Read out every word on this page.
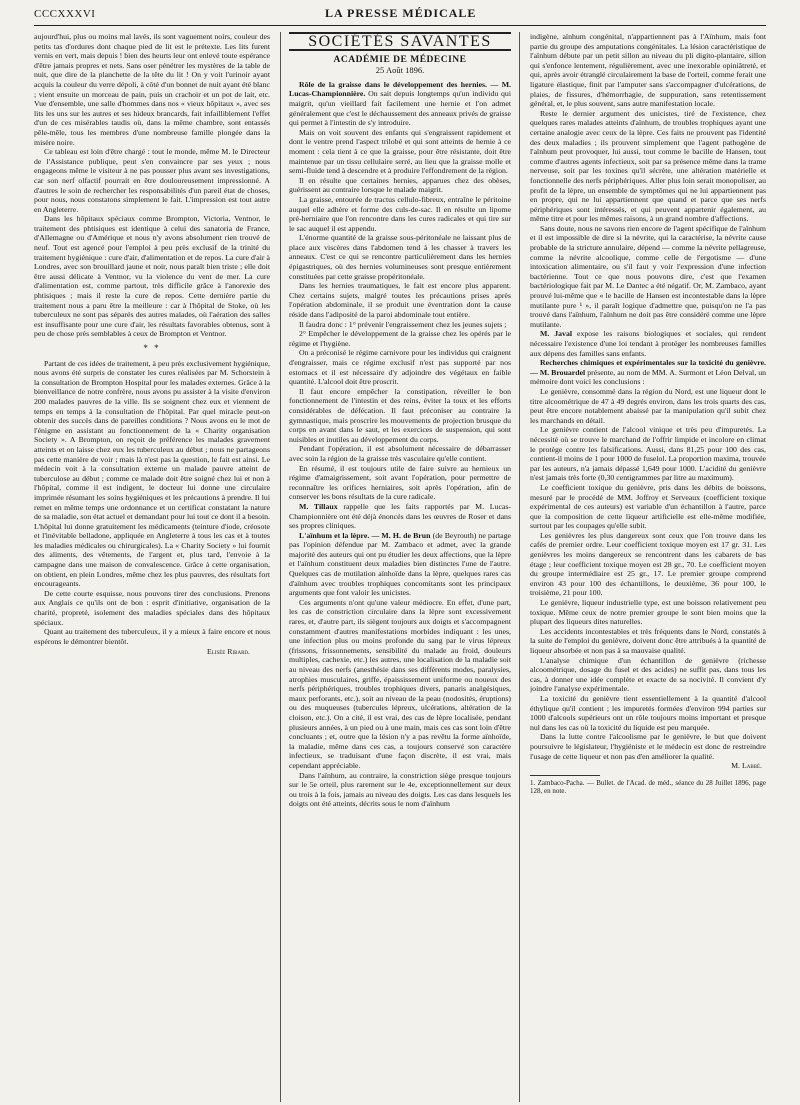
CCCXXXVI	LA PRESSE MÉDICALE

aujourd'hui, plus ou moins mal lavés, ils sont vaguement noirs, couleur des petits tas d'ordures dont chaque pied de lit est le prétexte. Les lits furent vernis en vert, mais depuis ! bien des heurts leur ont enlevé toute espérance d'être jamais propres et nets. Sans oser pénétrer les mystères de la table de nuit, que dire de la planchette de la tête du lit ! On y voit l'urinoir ayant acquis la couleur du verre dépoli, à côté d'un bonnet de nuit ayant été blanc ; vient ensuite un morceau de pain, puis un crachoir et un pot de lait, etc. Vue d'ensemble, une salle d'hommes dans nos « vieux hôpitaux », avec ses lits les uns sur les autres et ses hideux brancards, fait infailliblement l'effet d'un de ces misérables taudis où, dans la même chambre, sont entassés pêle-mêle, tous les membres d'une nombreuse famille plongée dans la misère noire.

Ce tableau est loin d'être chargé : tout le monde, même M. le Directeur de l'Assistance publique, peut s'en convaincre par ses yeux ; nous engageons même le visiteur à ne pas pousser plus avant ses investigations, car son nerf olfactif pourrait en être douloureusement impressionné. A d'autres le soin de rechercher les responsabilités d'un pareil état de choses, pour nous, nous constatons simplement le fait. L'impression est tout autre en Angleterre.

Dans les hôpitaux spéciaux comme Brompton, Victoria, Ventnor, le traitement des phtisiques est identique à celui des sanatoria de France, d'Allemagne ou d'Amérique et nous n'y avons absolument rien trouvé de neuf. Tout est agencé pour l'emploi à peu près exclusif de la trinité du traitement hygiénique : cure d'air, d'alimentation et de repos. La cure d'air à Londres, avec son brouillard jaune et noir, nous paraît bien triste ; elle doit être aussi délicate à Ventnor, vu la violence du vent de mer. La cure d'alimentation est, comme partout, très difficile grâce à l'anorexie des phtisiques ; mais il reste la cure de repos. Cette dernière partie du traitement nous a paru être la meilleure : car à l'hôpital de Stoke, où les tuberculeux ne sont pas séparés des autres malades, où l'aération des salles est insuffisante pour une cure d'air, les résultats favorables obtenus, sont à peu de chose près semblables à ceux de Brompton et Ventnor.

* *

Partant de ces idées de traitement, à peu près exclusivement hygiénique, nous avons été surpris de constater les cures réalisées par M. Schorstein à la consultation de Brompton Hospital pour les malades externes. Grâce à la bienveillance de notre confrère, nous avons pu assister à la visite d'environ 200 malades pauvres de la ville. Ils se soignent chez eux et viennent de temps en temps à la consultation de l'hôpital. Par quel miracle peut-on obtenir des succès dans de pareilles conditions ? Nous avons eu le mot de l'énigme en assistant au fonctionnement de la « Charity organisation Society ». A Brompton, on reçoit de préférence les malades gravement atteints et on laisse chez eux les tuberculeux au début ; nous ne partageons pas cette manière de voir ; mais là n'est pas la question, le fait est ainsi. Le médecin voit à la consultation externe un malade pauvre atteint de tuberculose au début ; comme ce malade doit être soigné chez lui et non à l'hôpital, comme il est indigent, le docteur lui donne une circulaire imprimée résumant les soins hygiéniques et les précautions à prendre. Il lui remet en même temps une ordonnance et un certificat constatant la nature de sa maladie, son état actuel et demandant pour lui tout ce dont il a besoin. L'hôpital lui donne gratuitement les médicaments (teinture d'iode, créosote et l'inévitable belladone, appliquée en Angleterre à tous les cas et à toutes les maladies médicales ou chirurgicales). La « Charity Society » lui fournit des aliments, des vêtements, de l'argent et, plus tard, l'envoie à la campagne dans une maison de convalescence. Grâce à cette organisation, on obtient, en plein Londres, même chez les plus pauvres, des résultats fort encourageants.

De cette courte esquisse, nous pouvons tirer des conclusions. Prenons aux Anglais ce qu'ils ont de bon : esprit d'initiative, organisation de la charité, propreté, isolement des maladies spéciales dans des hôpitaux spéciaux.

Quant au traitement des tuberculeux, il y a mieux à faire encore et nous espérons le démontrer bientôt.

Elisée Ribard.
SOCIÉTÉS SAVANTES
ACADÉMIE DE MÉDECINE
25 Août 1896.

Rôle de la graisse dans le développement des hernies. — M. Lucas-Championnière. On sait depuis longtemps qu'un individu qui maigrit, qu'un vieillard fait facilement une hernie et l'on admet généralement que c'est le déchaussement des anneaux privés de graisse qui permet à l'intestin de s'y introduire.

Mais on voit souvent des enfants qui s'engraissent rapidement et dont le ventre prend l'aspect trilobé et qui sont atteints de hernie à ce moment : cela tient à ce que la graisse, pour être résistante, doit être maintenue par un tissu cellulaire serré, au lieu que la graisse molle et semi-fluide tend à descendre et à produire l'effondrement de la région.

Il en résulte que certaines hernies, apparues chez des obèses, guérissent au contraire lorsque le malade maigrit.

La graisse, entourée de tractus cellulo-fibreux, entraîne le péritoine auquel elle adhère et forme des culs-de-sac. Il en résulte un lipome pré-herniaire que l'on rencontre dans les cures radicales et qui tire sur le sac auquel il est appendu.

L'énorme quantité de la graisse sous-péritonéale ne laissant plus de place aux viscères dans l'abdomen tend à les chasser à travers les anneaux. C'est ce qui se rencontre particulièrement dans les hernies épigastriques, où des hernies volumineuses sont presque entièrement constituées par cette graisse propéritonéale.

Dans les hernies traumatiques, le fait est encore plus apparent. Chez certains sujets, malgré toutes les précautions prises après l'opération abdominale, il se produit une éventration dont la cause réside dans l'adiposité de la paroi abdominale tout entière.

Il faudra donc : 1° prévenir l'engraissement chez les jeunes sujets ;

2° Empêcher le développement de la graisse chez les opérés par le régime et l'hygiène.

On a préconisé le régime carnivore pour les individus qui craignent d'engraisser, mais ce régime exclusif n'est pas supporté par nos estomacs et il est nécessaire d'y adjoindre des végétaux en faible quantité. L'alcool doit être proscrit.

Il faut encore empêcher la constipation, réveiller le bon fonctionnement de l'intestin et des reins, éviter la toux et les efforts considérables de défécation. Il faut préconiser au contraire la gymnastique, mais proscrire les mouvements de projection brusque du corps en avant dans le saut, et les exercices de suspension, qui sont nuisibles et inutiles au développement du corps.

Pendant l'opération, il est absolument nécessaire de débarrasser avec soin la région de la graisse très vasculaire qu'elle contient.

En résumé, il est toujours utile de faire suivre au hernieux un régime d'amaigrissement, soit avant l'opération, pour permettre de reconnaître les orifices herniaires, soit après l'opération, afin de conserver les bons résultats de la cure radicale.

M. Tillaux rappelle que les faits rapportés par M. Lucas-Championnière ont été déjà énoncés dans les œuvres de Roser et dans ses propres cliniques.

L'aïnhum et la lèpre. — M. H. de Brun (de Beyrouth) ne partage pas l'opinion défendue par M. Zambaco et admet, avec la grande majorité des auteurs qui ont pu étudier les deux affections, que la lèpre et l'aïnhum constituent deux maladies bien distinctes l'une de l'autre. Quelques cas de mutilation aïnhoïde dans la lèpre, quelques rares cas d'aïnhum avec troubles trophiques concomitants sont les principaux arguments que font valoir les unicistes.

Ces arguments n'ont qu'une valeur médiocre. En effet, d'une part, les cas de constriction circulaire dans la lèpre sont excessivement rares, et, d'autre part, ils siègent toujours aux doigts et s'accompagnent constamment d'autres manifestations morbides indiquant : les unes, une infection plus ou moins profonde du sang par le virus lépreux (frissons, frissonnements, sensibilité du malade au froid, douleurs multiples, cachexie, etc.) les autres, une localisation de la maladie soit au niveau des nerfs (anesthésie dans ses différents modes, paralysies, atrophies musculaires, griffe, épaississement uniforme ou noueux des nerfs périphériques, troubles trophiques divers, panaris analgésiques, maux perforants, etc.), soit au niveau de la peau (nodosités, éruptions) ou des muqueuses (tubercules lépreux, ulcérations, altération de la cloison, etc.). On a cité, il est vrai, des cas de lèpre localisée, pendant plusieurs années, à un pied ou à une main, mais ces cas sont loin d'être concluants ; et, outre que la lésion n'y a pas revêtu la forme aïnhoïde, la maladie, même dans ces cas, a toujours conservé son caractère infectieux, se traduisant d'une façon discrète, il est vrai, mais cependant appréciable.

Dans l'aïnhum, au contraire, la constriction siège presque toujours sur le 5e orteil, plus rarement sur le 4e, exceptionnellement sur deux ou trois à la fois, jamais au niveau des doigts. Les cas dans lesquels les doigts ont été atteints, décrits sous le nom d'aïnhum

indigène, aïnhum congénital, n'appartiennent pas à l'Aïnhum, mais font partie du groupe des amputations congénitales. La lésion caractéristique de l'aïnhum débute par un petit sillon au niveau du pli digito-plantaire, sillon qui s'enfonce lentement, régulièrement, avec une inexorable opiniâtreté, et qui, après avoir étranglé circulairement la base de l'orteil, comme ferait une ligature élastique, finit par l'amputer sans s'accompagner d'ulcérations, de plaies, de fissures, d'hémorrhagie, de suppuration, sans retentissement général, et, le plus souvent, sans autre manifestation locale.

Reste le dernier argument des unicistes, tiré de l'existence, chez quelques rares malades atteints d'aïnhum, de troubles trophiques ayant une certaine analogie avec ceux de la lèpre. Ces faits ne prouvent pas l'identité des deux maladies ; ils prouvent simplement que l'agent pathogène de l'aïnhum peut provoquer, lui aussi, tout comme le bacille de Hansen, tout comme d'autres agents infectieux, soit par sa présence même dans la trame nerveuse, soit par les toxines qu'il sécrète, une altération matérielle et fonctionnelle des nerfs périphériques. Aller plus loin serait monopoliser, au profit de la lèpre, un ensemble de symptômes qui ne lui appartiennent pas en propre, qui ne lui appartiennent que quand et parce que ses nerfs périphériques sont intéressés, et qui peuvent appartenir également, au même titre et pour les mêmes raisons, à un grand nombre d'affections.

Sans doute, nous ne savons rien encore de l'agent spécifique de l'aïnhum et il est impossible de dire si la névrite, qui la caractérise, la névrite cause probable de la stricture annulaire, dépend — comme la névrite pellagreuse, comme la névrite alcoolique, comme celle de l'ergotisme — d'une intoxication alimentaire, ou s'il faut y voir l'expression d'une infection bactérienne. Tout ce que nous pouvons dire, c'est que l'examen bactériologique fait par M. Le Dantec a été négatif. Or, M. Zambaco, ayant prouvé lui-même que « le bacille de Hansen est incontestable dans la lèpre mutilante pure ¹ », il paraît logique d'admettre que, puisqu'on ne l'a pas trouvé dans l'aïnhum, l'aïnhum ne doit pas être considéré comme une lèpre mutilante.

M. Javal expose les raisons biologiques et sociales, qui rendent nécessaire l'existence d'une loi tendant à protéger les nombreuses familles aux dépens des familles sans enfants.

Recherches chimiques et expérimentales sur la toxicité du genièvre. — M. Brouardel présente, au nom de MM. A. Surmont et Léon Delval, un mémoire dont voici les conclusions :

Le genièvre, consommé dans la région du Nord, est une liqueur dont le titre alcoométrique de 47 à 49 degrés environ, dans les trois quarts des cas, peut être encore notablement abaissé par la manipulation qu'il subit chez les marchands en détail.

Le genièvre contient de l'alcool vinique et très peu d'impuretés. La nécessité où se trouve le marchand de l'offrir limpide et incolore en climat le protège contre les falsifications. Aussi, dans 81,25 pour 100 des cas, contient-il moins de 1 pour 1000 de fuselol. La proportion maxima, trouvée par les auteurs, n'a jamais dépassé 1,649 pour 1000. L'acidité du genièvre n'est jamais très forte (0,30 centigrammes par litre au maximum).

Le coefficient toxique du genièvre, pris dans les débits de boissons, mesuré par le procédé de MM. Joffroy et Serveaux (coefficient toxique expérimental de ces auteurs) est variable d'un échantillon à l'autre, parce que la composition de cette liqueur artificielle est elle-même modifiée, surtout par les coupages qu'elle subit.

Les genièvres les plus dangereux sont ceux que l'on trouve dans les cafés de premier ordre. Leur coefficient toxique moyen est 17 gr. 31. Les genièvres les moins dangereux se rencontrent dans les cabarets de bas étage ; leur coefficient toxique moyen est 28 gr., 70. Le coefficient moyen du groupe intermédiaire est 25 gr., 17. Le premier groupe comprend environ 43 pour 100 des échantillons, le deuxième, 36 pour 100, le troisième, 21 pour 100.

Le genièvre, liqueur industrielle type, est une boisson relativement peu toxique. Même ceux de notre premier groupe le sont bien moins que la plupart des liqueurs dites naturelles.

Les accidents incontestables et très fréquents dans le Nord, constatés à la suite de l'emploi du genièvre, doivent donc être attribués à la quantité de liqueur absorbée et non pas à sa mauvaise qualité.

L'analyse chimique d'un échantillon de genièvre (richesse alcoométrique, dosage du fusel et des acides) ne suffit pas, dans tous les cas, à donner une idée complète et exacte de sa nocivité. Il convient d'y joindre l'analyse expérimentale.

La toxicité du genièvre tient essentiellement à la quantité d'alcool éthylique qu'il contient ; les impuretés formées d'environ 994 parties sur 1000 d'alcools supérieurs ont un rôle toujours moins important et presque nul dans les cas où la toxicité du liquide est peu marquée.

Dans la lutte contre l'alcoolisme par le genièvre, le but que doivent poursuivre le législateur, l'hygiéniste et le médecin est donc de restreindre l'usage de cette liqueur et non pas d'en améliorer la qualité.

M. Labbé.
1. Zambaco-Pacha. — Bullet. de l'Acad. de méd., séance du 28 Juillet 1896, page 128, en note.
